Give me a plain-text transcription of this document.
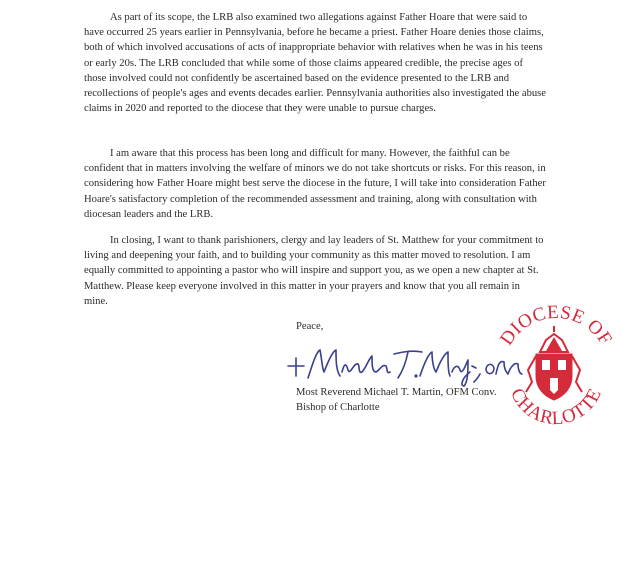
As part of its scope, the LRB also examined two allegations against Father Hoare that were said to have occurred 25 years earlier in Pennsylvania, before he became a priest. Father Hoare denies those claims, both of which involved accusations of acts of inappropriate behavior with relatives when he was in his teens or early 20s. The LRB concluded that while some of those claims appeared credible, the precise ages of those involved could not confidently be ascertained based on the evidence presented to the LRB and recollections of people's ages and events decades earlier. Pennsylvania authorities also investigated the abuse claims in 2020 and reported to the diocese that they were unable to pursue charges.

I am aware that this process has been long and difficult for many. However, the faithful can be confident that in matters involving the welfare of minors we do not take shortcuts or risks. For this reason, in considering how Father Hoare might best serve the diocese in the future, I will take into consideration Father Hoare's satisfactory completion of the recommended assessment and training, along with consultation with diocesan leaders and the LRB.

In closing, I want to thank parishioners, clergy and lay leaders of St. Matthew for your commitment to living and deepening your faith, and to building your community as this matter moved to resolution. I am equally committed to appointing a pastor who will inspire and support you, as we open a new chapter at St. Matthew. Please keep everyone involved in this matter in your prayers and know that you all remain in mine.

Peace,

Most Reverend Michael T. Martin, OFM Conv.

Bishop of Charlotte

DIOCESE OF
CHARLOTTE
